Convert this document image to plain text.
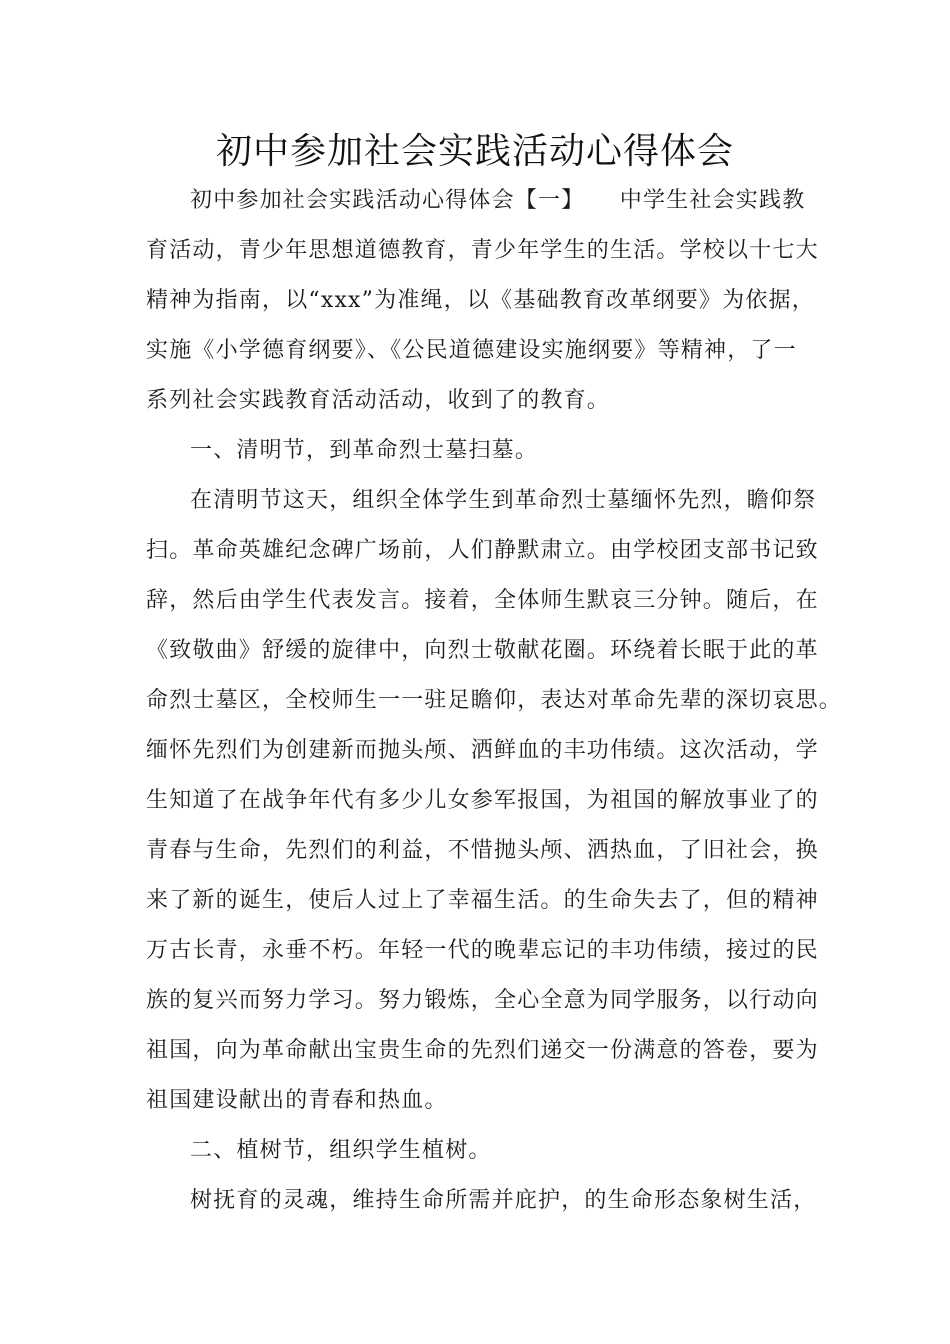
初中参加社会实践活动心得体会
初中参加社会实践活动心得体会【一】　　中学生社会实践教
育活动，青少年思想道德教育，青少年学生的生活。学校以十七大
精神为指南，以“xxx”为准绳，以《基础教育改革纲要》为依据，
实施《小学德育纲要》、《公民道德建设实施纲要》等精神，了一
系列社会实践教育活动活动，收到了的教育。
一、清明节，到革命烈士墓扫墓。
在清明节这天，组织全体学生到革命烈士墓缅怀先烈，瞻仰祭
扫。革命英雄纪念碑广场前，人们静默肃立。由学校团支部书记致
辞，然后由学生代表发言。接着，全体师生默哀三分钟。随后，在
《致敬曲》舒缓的旋律中，向烈士敬献花圈。环绕着长眠于此的革
命烈士墓区，全校师生一一驻足瞻仰，表达对革命先辈的深切哀思。
缅怀先烈们为创建新而抛头颅、洒鲜血的丰功伟绩。这次活动，学
生知道了在战争年代有多少儿女参军报国，为祖国的解放事业了的
青春与生命，先烈们的利益，不惜抛头颅、洒热血，了旧社会，换
来了新的诞生，使后人过上了幸福生活。的生命失去了，但的精神
万古长青，永垂不朽。年轻一代的晚辈忘记的丰功伟绩，接过的民
族的复兴而努力学习。努力锻炼，全心全意为同学服务，以行动向
祖国，向为革命献出宝贵生命的先烈们递交一份满意的答卷，要为
祖国建设献出的青春和热血。
二、植树节，组织学生植树。
树抚育的灵魂，维持生命所需并庇护，的生命形态象树生活，
